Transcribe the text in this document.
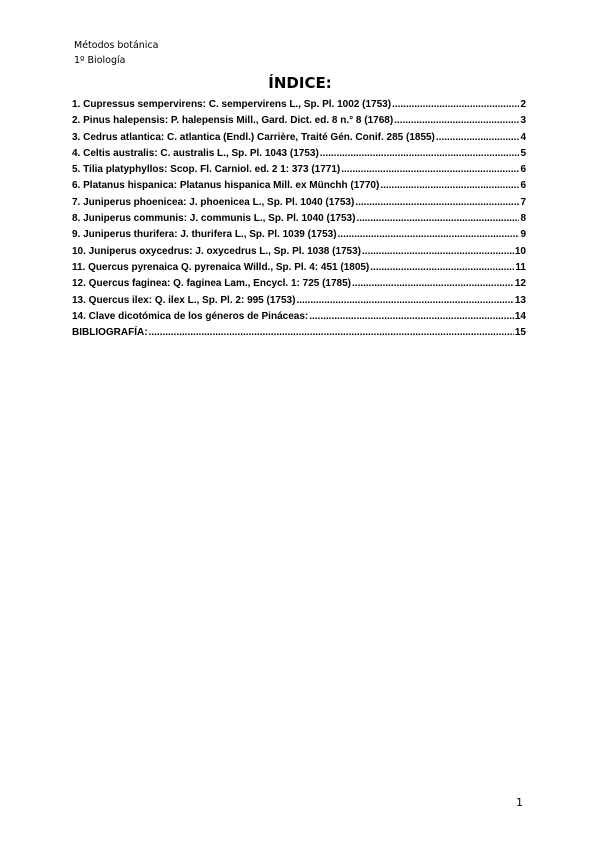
Métodos botánica
1º Biología
ÍNDICE:
1. Cupressus sempervirens: C. sempervirens L., Sp. Pl. 1002 (1753) .....	2
2. Pinus halepensis: P. halepensis Mill., Gard. Dict. ed. 8 n.° 8 (1768) .....	3
3. Cedrus atlantica: C. atlantica (Endl.) Carrière, Traité Gén. Conif. 285 (1855) .....	4
4. Celtis australis: C. australis L., Sp. Pl. 1043 (1753) .....	5
5. Tilia platyphyllos: Scop. Fl. Carniol. ed. 2 1: 373 (1771) .....	6
6. Platanus hispanica: Platanus hispanica Mill. ex Münchh (1770) .....	6
7. Juniperus phoenicea: J. phoenicea L., Sp. Pl. 1040 (1753) .....	7
8. Juniperus communis: J. communis L., Sp. Pl. 1040 (1753) .....	8
9. Juniperus thurifera: J. thurifera L., Sp. Pl. 1039 (1753) .....	9
10. Juniperus oxycedrus: J. oxycedrus L., Sp. Pl. 1038 (1753) .....	10
11. Quercus pyrenaica Q. pyrenaica Willd., Sp. Pl. 4: 451 (1805) .....	11
12. Quercus faginea: Q. faginea Lam., Encycl. 1: 725 (1785) .....	12
13. Quercus ilex: Q. ilex L., Sp. Pl. 2: 995 (1753) .....	13
14. Clave dicotómica de los géneros de Pináceas: .....	14
BIBLIOGRAFÍA: .....	15
1
